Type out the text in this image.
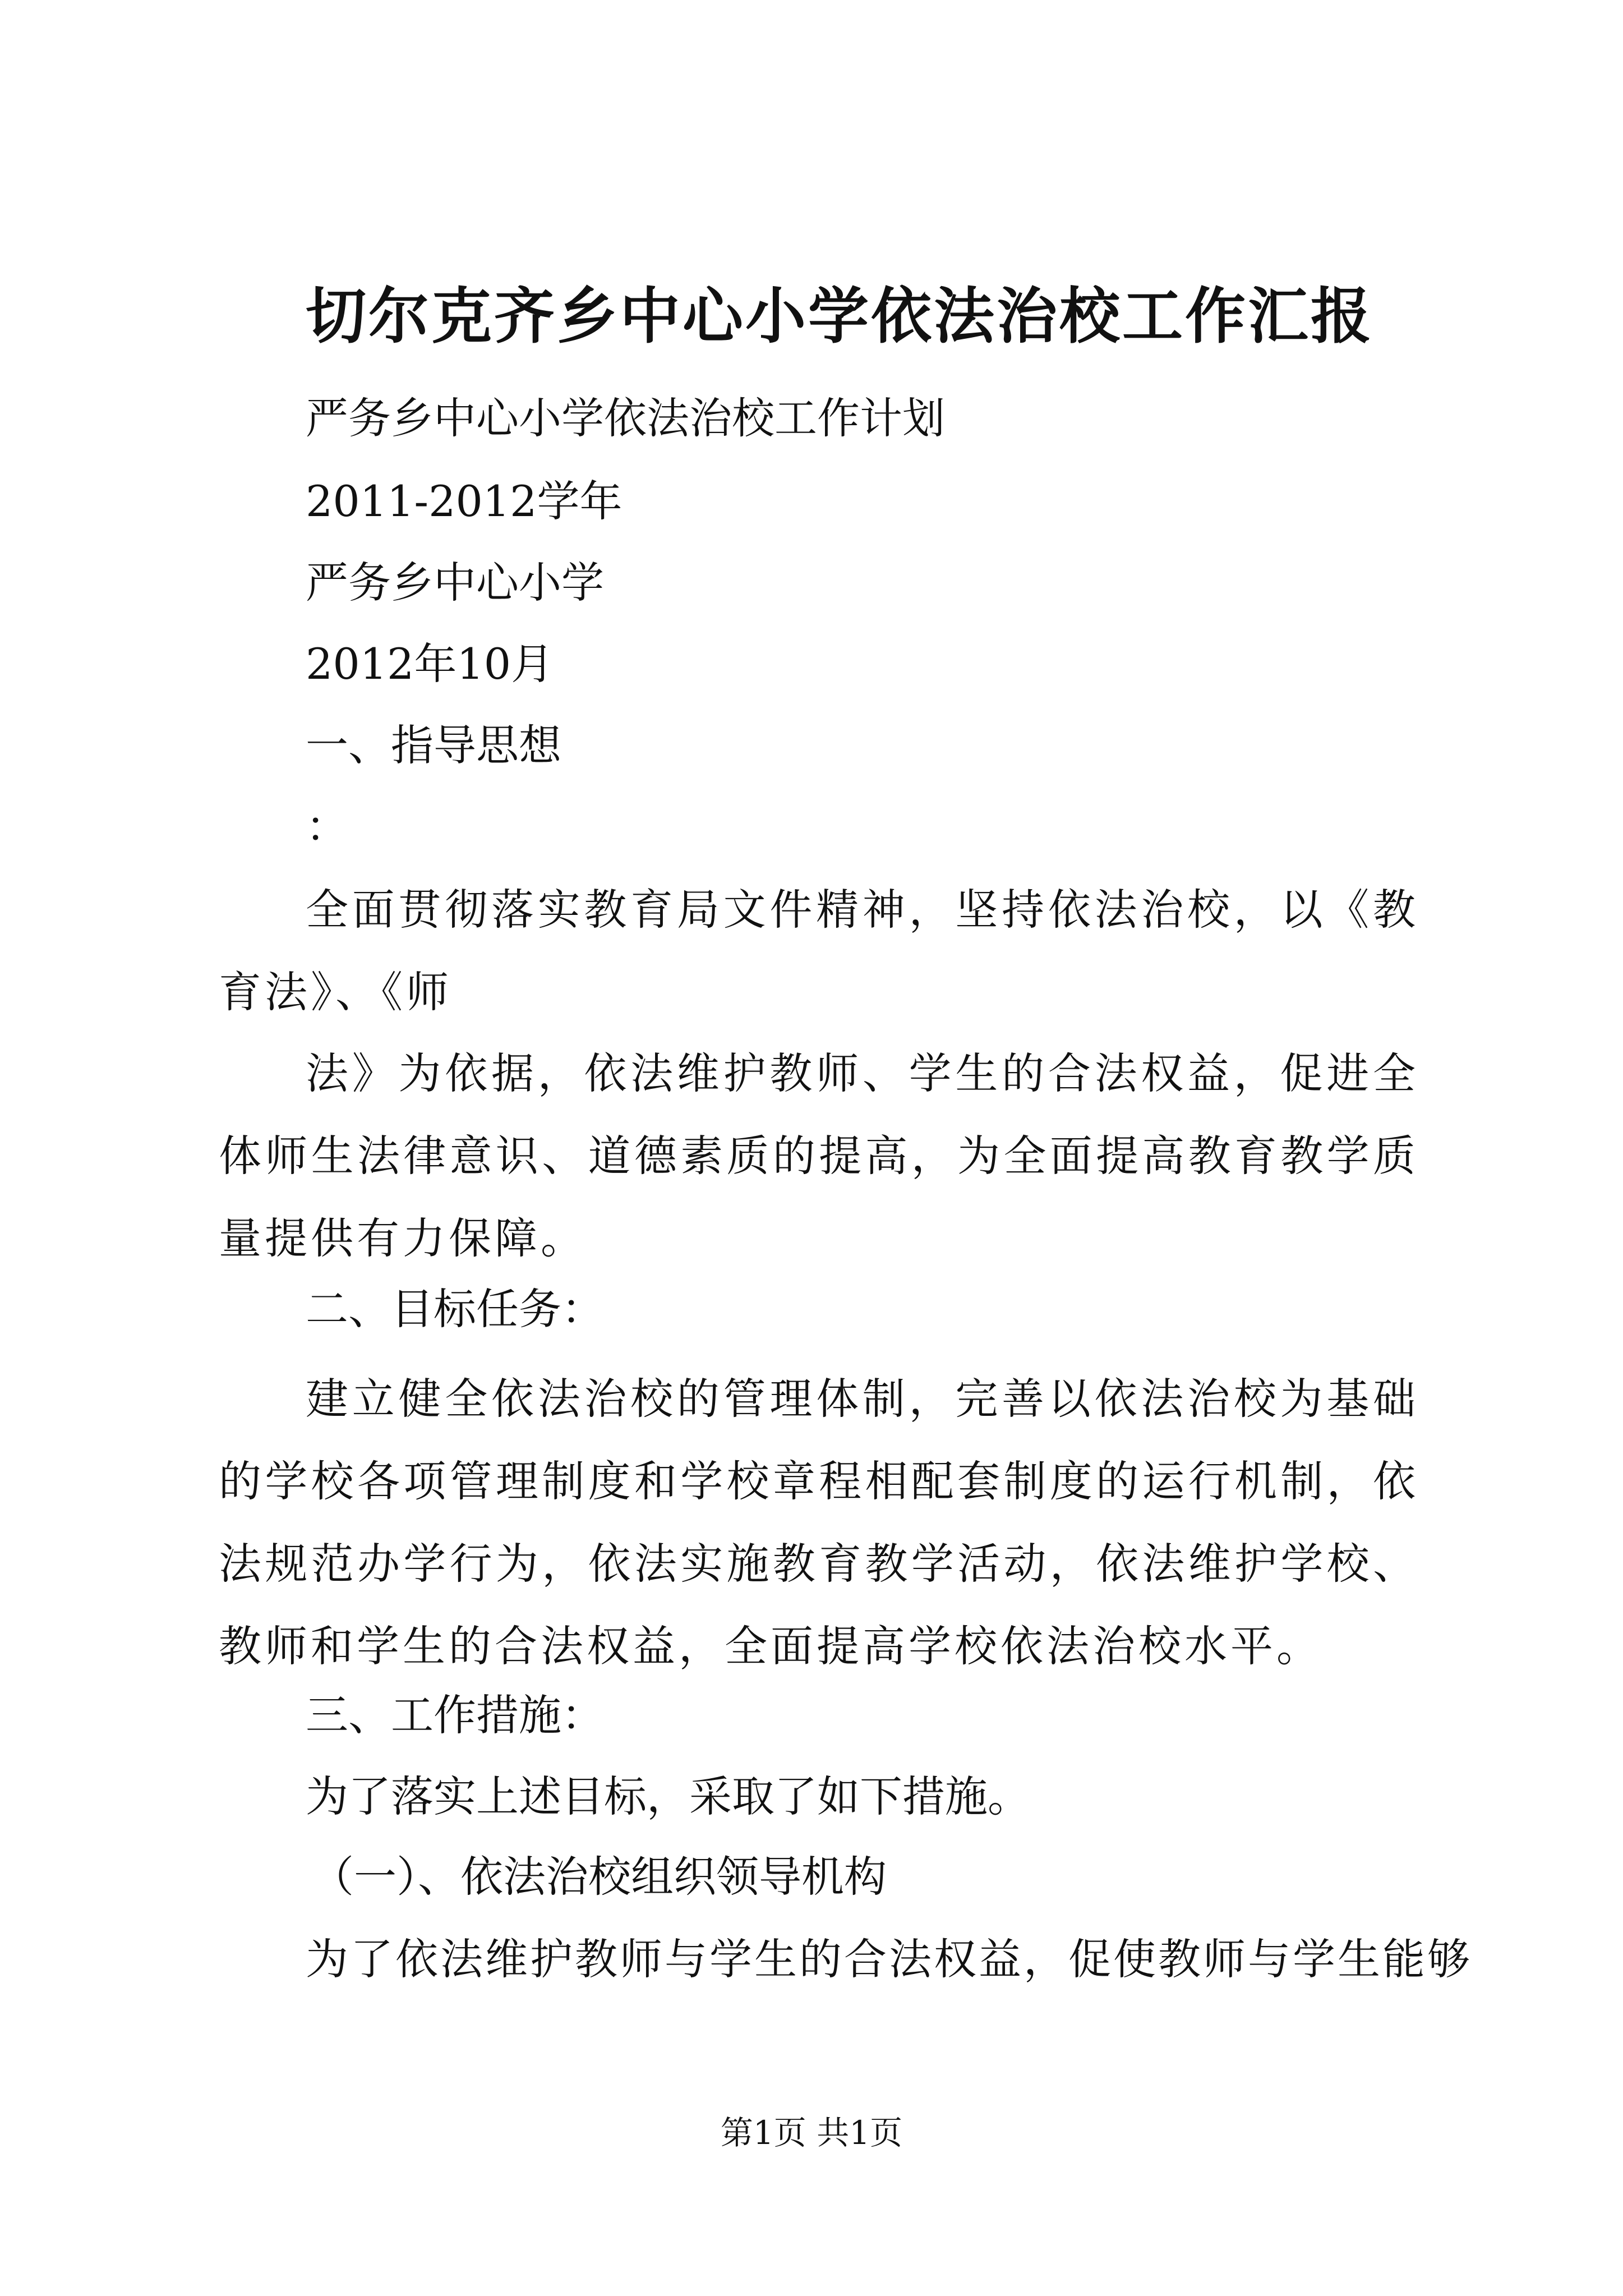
切尔克齐乡中心小学依法治校工作汇报
严务乡中心小学依法治校工作计划
2011-2012学年
严务乡中心小学
2012年10月
一、指导思想
：
全面贯彻落实教育局文件精神，坚持依法治校，以《教育法》、《师
法》为依据，依法维护教师、学生的合法权益，促进全体师生法律意识、道德素质的提高，为全面提高教育教学质量提供有力保障。
二、目标任务：
建立健全依法治校的管理体制，完善以依法治校为基础的学校各项管理制度和学校章程相配套制度的运行机制，依法规范办学行为，依法实施教育教学活动，依法维护学校、教师和学生的合法权益，全面提高学校依法治校水平。
三、工作措施：
为了落实上述目标，采取了如下措施。
（一）、依法治校组织领导机构
为了依法维护教师与学生的合法权益，促使教师与学生能够
第1页 共1页
